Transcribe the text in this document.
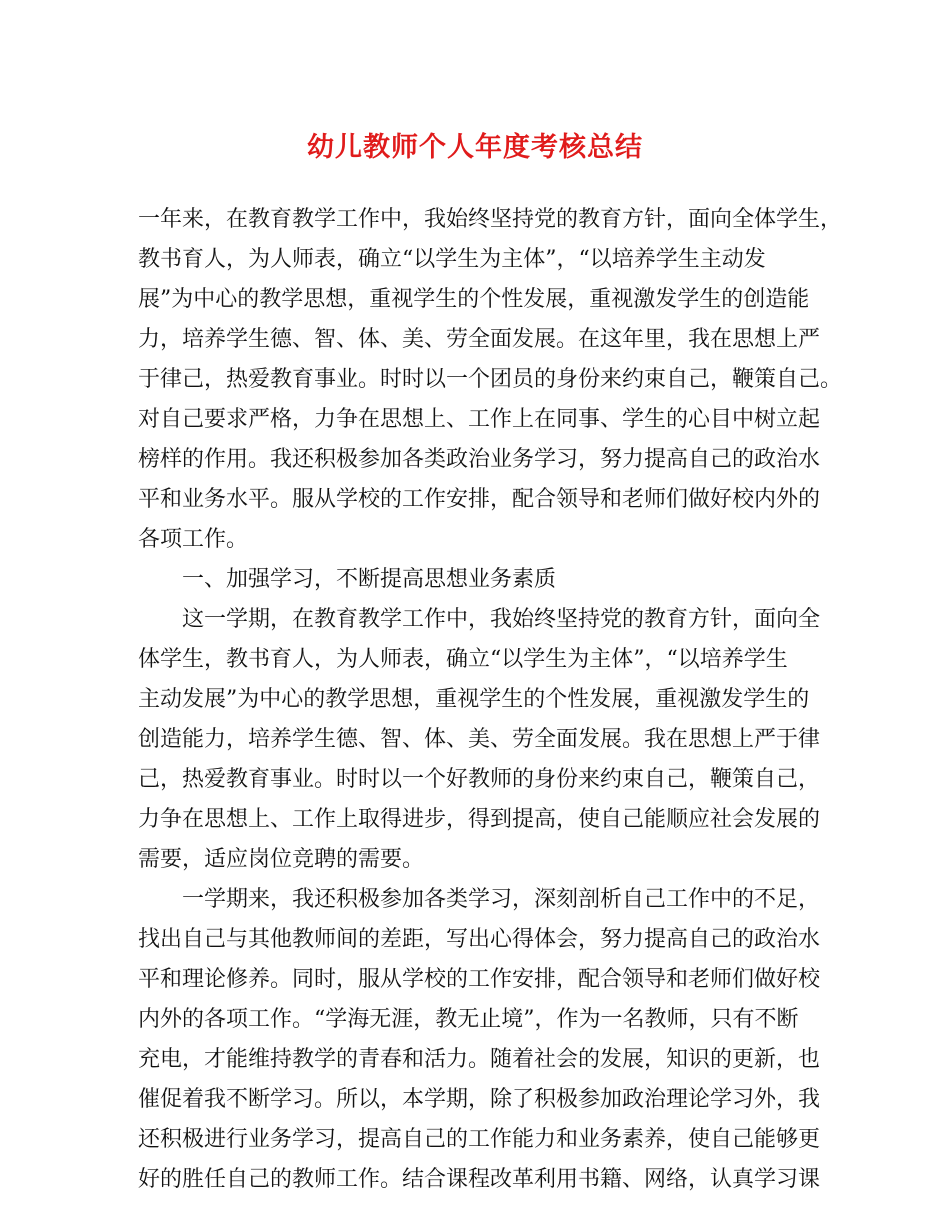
幼儿教师个人年度考核总结
一年来，在教育教学工作中，我始终坚持党的教育方针，面向全体学生，
教书育人，为人师表，确立“以学生为主体”，“以培养学生主动发
展”为中心的教学思想，重视学生的个性发展，重视激发学生的创造能
力，培养学生德、智、体、美、劳全面发展。在这年里，我在思想上严
于律己，热爱教育事业。时时以一个团员的身份来约束自己，鞭策自己。
对自己要求严格，力争在思想上、工作上在同事、学生的心目中树立起
榜样的作用。我还积极参加各类政治业务学习，努力提高自己的政治水
平和业务水平。服从学校的工作安排，配合领导和老师们做好校内外的
各项工作。
一、加强学习，不断提高思想业务素质
这一学期，在教育教学工作中，我始终坚持党的教育方针，面向全
体学生，教书育人，为人师表，确立“以学生为主体”，“以培养学生
主动发展”为中心的教学思想，重视学生的个性发展，重视激发学生的
创造能力，培养学生德、智、体、美、劳全面发展。我在思想上严于律
己，热爱教育事业。时时以一个好教师的身份来约束自己，鞭策自己，
力争在思想上、工作上取得进步，得到提高，使自己能顺应社会发展的
需要，适应岗位竞聘的需要。
一学期来，我还积极参加各类学习，深刻剖析自己工作中的不足，
找出自己与其他教师间的差距，写出心得体会，努力提高自己的政治水
平和理论修养。同时，服从学校的工作安排，配合领导和老师们做好校
内外的各项工作。“学海无涯，教无止境”，作为一名教师，只有不断
充电，才能维持教学的青春和活力。随着社会的发展，知识的更新，也
催促着我不断学习。所以，本学期，除了积极参加政治理论学习外，我
还积极进行业务学习，提高自己的工作能力和业务素养，使自己能够更
好的胜任自己的教师工作。结合课程改革利用书籍、网络，认真学习课
